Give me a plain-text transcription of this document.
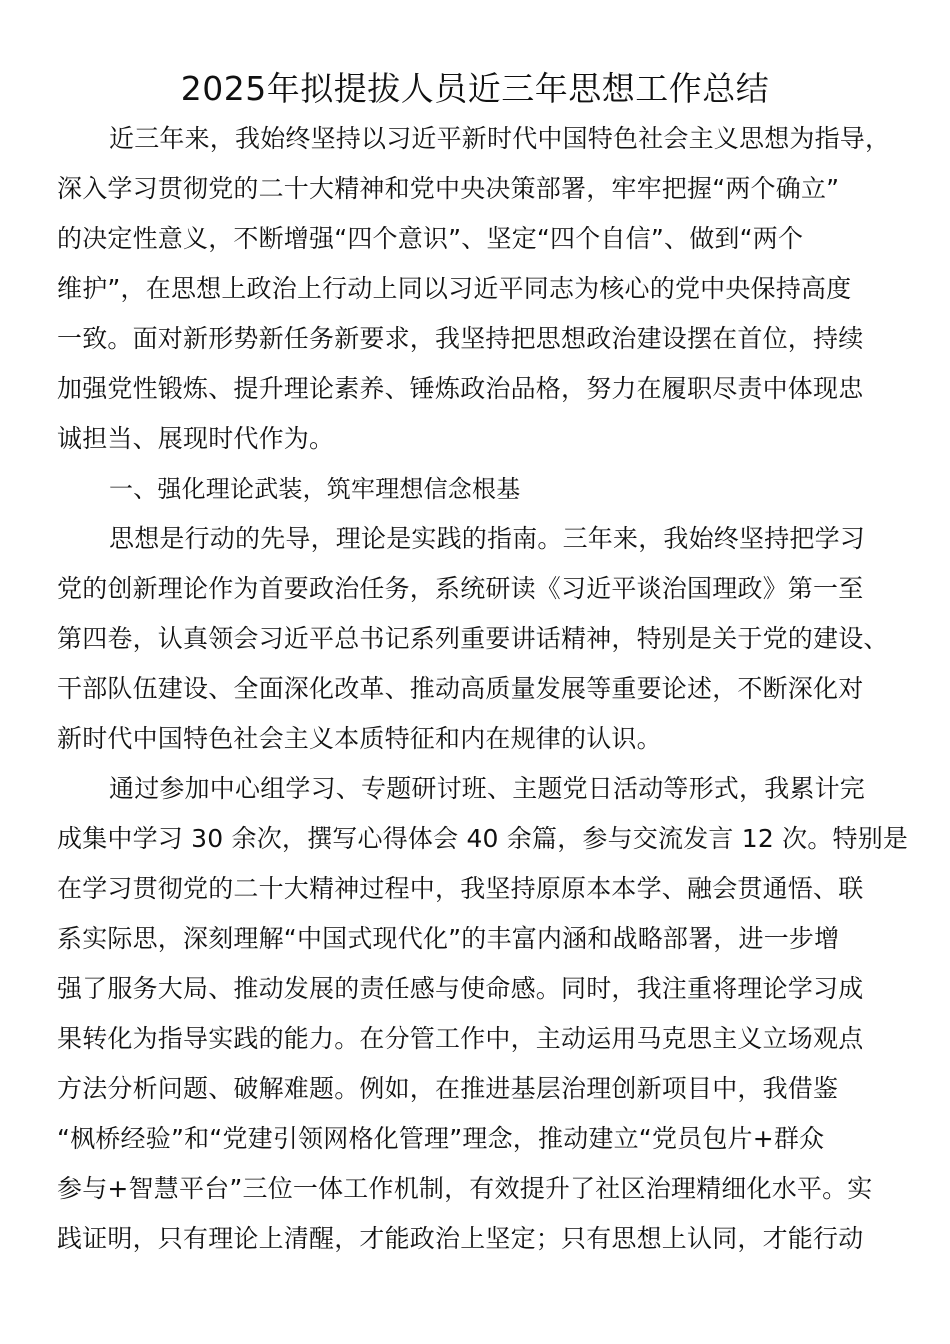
2025年拟提拔人员近三年思想工作总结
近三年来，我始终坚持以习近平新时代中国特色社会主义思想为指导，
深入学习贯彻党的二十大精神和党中央决策部署，牢牢把握“两个确立”
的决定性意义，不断增强“四个意识”、坚定“四个自信”、做到“两个
维护”，在思想上政治上行动上同以习近平同志为核心的党中央保持高度
一致。面对新形势新任务新要求，我坚持把思想政治建设摆在首位，持续
加强党性锻炼、提升理论素养、锤炼政治品格，努力在履职尽责中体现忠
诚担当、展现时代作为。
一、强化理论武装，筑牢理想信念根基
思想是行动的先导，理论是实践的指南。三年来，我始终坚持把学习
党的创新理论作为首要政治任务，系统研读《习近平谈治国理政》第一至
第四卷，认真领会习近平总书记系列重要讲话精神，特别是关于党的建设、
干部队伍建设、全面深化改革、推动高质量发展等重要论述，不断深化对
新时代中国特色社会主义本质特征和内在规律的认识。
通过参加中心组学习、专题研讨班、主题党日活动等形式，我累计完
成集中学习 30 余次，撰写心得体会 40 余篇，参与交流发言 12 次。特别是
在学习贯彻党的二十大精神过程中，我坚持原原本本学、融会贯通悟、联
系实际思，深刻理解“中国式现代化”的丰富内涵和战略部署，进一步增
强了服务大局、推动发展的责任感与使命感。同时，我注重将理论学习成
果转化为指导实践的能力。在分管工作中，主动运用马克思主义立场观点
方法分析问题、破解难题。例如，在推进基层治理创新项目中，我借鉴
“枫桥经验”和“党建引领网格化管理”理念，推动建立“党员包片+群众
参与+智慧平台”三位一体工作机制，有效提升了社区治理精细化水平。实
践证明，只有理论上清醒，才能政治上坚定；只有思想上认同，才能行动
